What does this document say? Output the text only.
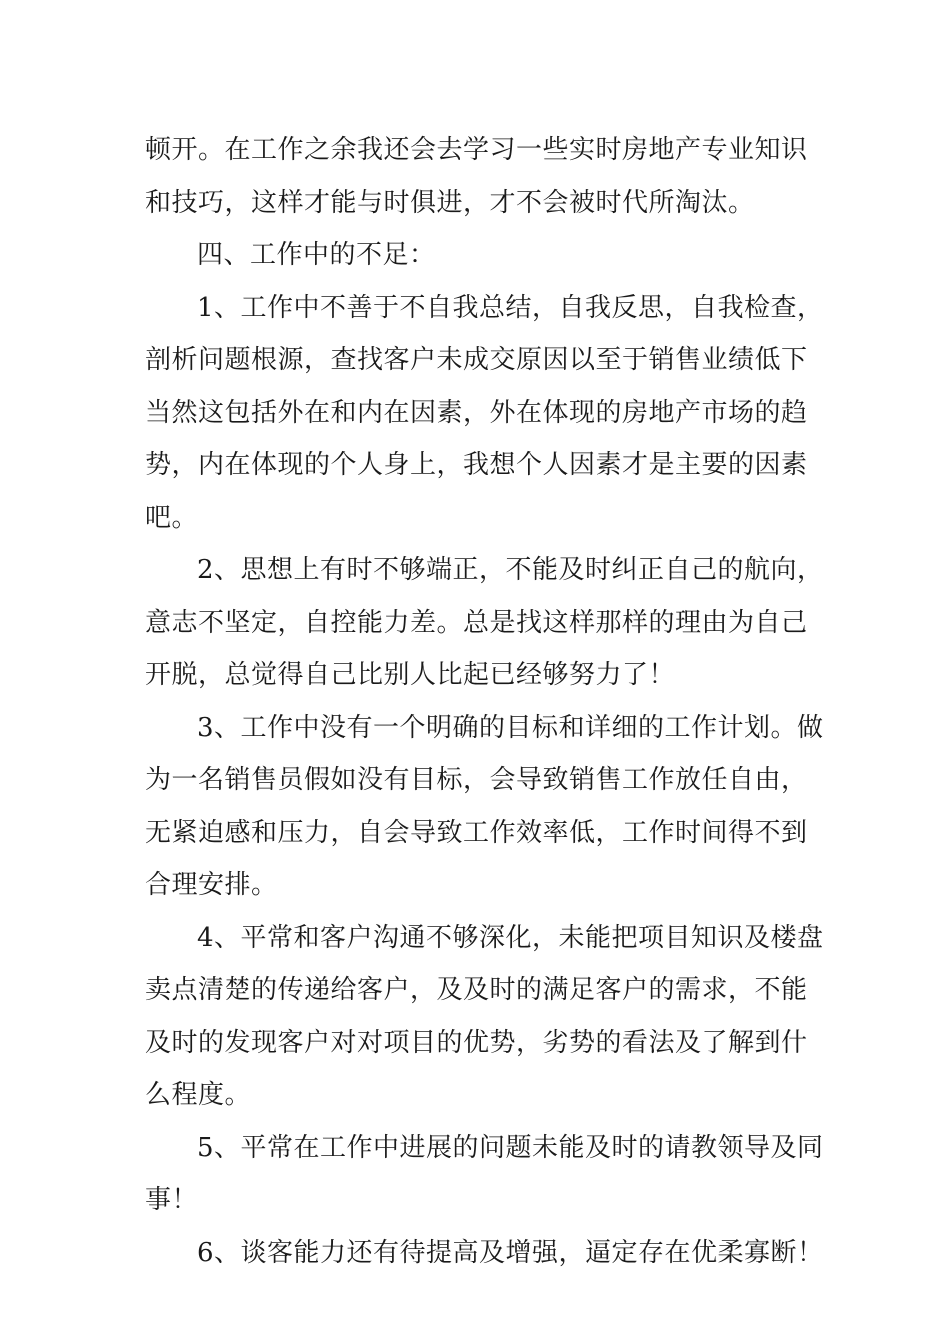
顿开。在工作之余我还会去学习一些实时房地产专业知识
和技巧，这样才能与时俱进，才不会被时代所淘汰。
四、工作中的不足：
1、工作中不善于不自我总结，自我反思，自我检查，
剖析问题根源，查找客户未成交原因以至于销售业绩低下
当然这包括外在和内在因素，外在体现的房地产市场的趋
势，内在体现的个人身上，我想个人因素才是主要的因素
吧。
2、思想上有时不够端正，不能及时纠正自己的航向，
意志不坚定，自控能力差。总是找这样那样的理由为自己
开脱，总觉得自己比别人比起已经够努力了！
3、工作中没有一个明确的目标和详细的工作计划。做
为一名销售员假如没有目标，会导致销售工作放任自由，
无紧迫感和压力，自会导致工作效率低，工作时间得不到
合理安排。
4、平常和客户沟通不够深化，未能把项目知识及楼盘
卖点清楚的传递给客户，及及时的满足客户的需求，不能
及时的发现客户对对项目的优势，劣势的看法及了解到什
么程度。
5、平常在工作中进展的问题未能及时的请教领导及同
事！
6、谈客能力还有待提高及增强，逼定存在优柔寡断！
